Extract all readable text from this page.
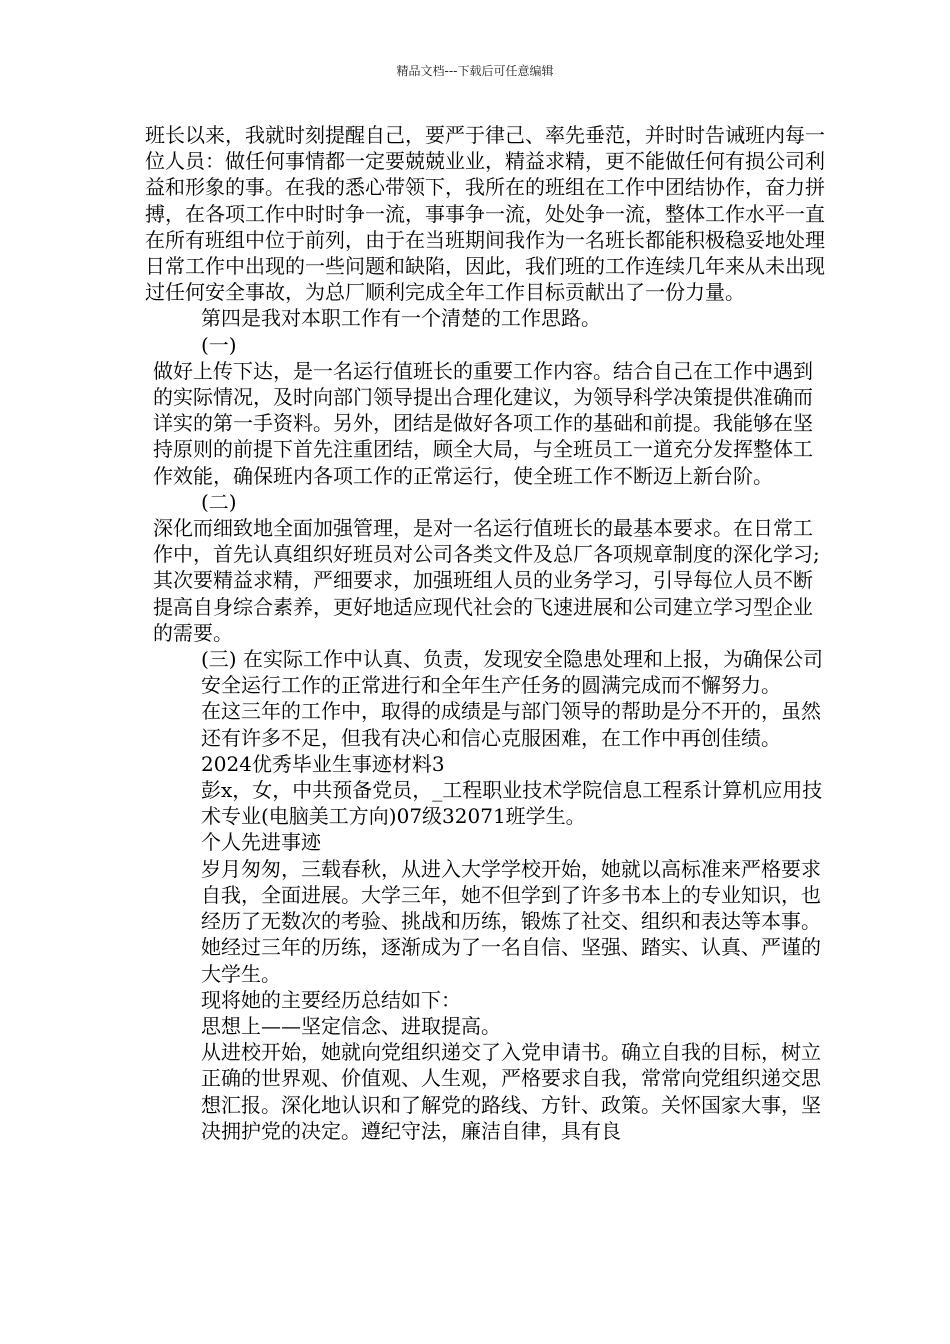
精品文档---下载后可任意编辑

班长以来，我就时刻提醒自己，要严于律己、率先垂范，并时时告诫班内每一位人员：做任何事情都一定要兢兢业业，精益求精，更不能做任何有损公司利益和形象的事。在我的悉心带领下，我所在的班组在工作中团结协作，奋力拼搏，在各项工作中时时争一流，事事争一流，处处争一流，整体工作水平一直在所有班组中位于前列，由于在当班期间我作为一名班长都能积极稳妥地处理日常工作中出现的一些问题和缺陷，因此，我们班的工作连续几年来从未出现过任何安全事故，为总厂顺利完成全年工作目标贡献出了一份力量。

第四是我对本职工作有一个清楚的工作思路。

(一)

做好上传下达，是一名运行值班长的重要工作内容。结合自己在工作中遇到的实际情况，及时向部门领导提出合理化建议，为领导科学决策提供准确而详实的第一手资料。另外，团结是做好各项工作的基础和前提。我能够在坚持原则的前提下首先注重团结，顾全大局，与全班员工一道充分发挥整体工作效能，确保班内各项工作的正常运行，使全班工作不断迈上新台阶。

(二)

深化而细致地全面加强管理，是对一名运行值班长的最基本要求。在日常工作中，首先认真组织好班员对公司各类文件及总厂各项规章制度的深化学习;其次要精益求精，严细要求，加强班组人员的业务学习，引导每位人员不断提高自身综合素养，更好地适应现代社会的飞速进展和公司建立学习型企业的需要。

(三) 在实际工作中认真、负责，发现安全隐患处理和上报，为确保公司安全运行工作的正常进行和全年生产任务的圆满完成而不懈努力。

在这三年的工作中，取得的成绩是与部门领导的帮助是分不开的，虽然还有许多不足，但我有决心和信心克服困难，在工作中再创佳绩。

2024优秀毕业生事迹材料3

彭x，女，中共预备党员，_工程职业技术学院信息工程系计算机应用技术专业(电脑美工方向)07级32071班学生。

个人先进事迹

岁月匆匆，三载春秋，从进入大学学校开始，她就以高标准来严格要求自我，全面进展。大学三年，她不但学到了许多书本上的专业知识，也经历了无数次的考验、挑战和历练，锻炼了社交、组织和表达等本事。她经过三年的历练，逐渐成为了一名自信、坚强、踏实、认真、严谨的大学生。

现将她的主要经历总结如下：

思想上——坚定信念、进取提高。

从进校开始，她就向党组织递交了入党申请书。确立自我的目标，树立正确的世界观、价值观、人生观，严格要求自我，常常向党组织递交思想汇报。深化地认识和了解党的路线、方针、政策。关怀国家大事，坚决拥护党的决定。遵纪守法，廉洁自律，具有良
